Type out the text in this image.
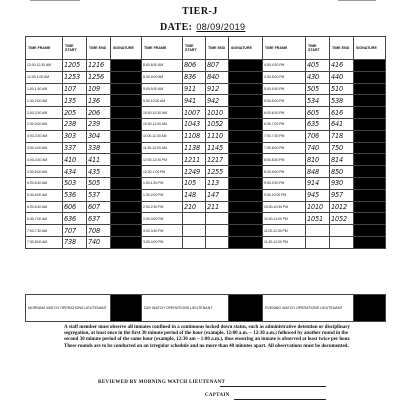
TIER-J
DATE: 08/09/2019
TIME FRAME	TIME START	TIME END	SIGNATURE	TIME FRAME	TIME START	TIME END	SIGNATURE	TIME FRAME	TIME START	TIME END	SIGNATURE
12:00-12:30 AM	1205	1216		8:00-8:30 AM	806	807		4:00-4:30 PM	405	416	

12:30-1:00 AM	1253	1256		8:30-9:00 AM	836	840		4:30-5:00 PM	430	440	

1:00-1:30 AM	107	109		9:00-9:30 AM	911	912		5:00-5:30 PM	505	510	

1:30-2:00 AM	135	136		9:30-10:00 AM	941	942		5:30-6:00 PM	534	538	

2:00-2:30 AM	205	206		10:00-10:30 AM	1007	1010		6:00-6:30 PM	605	616	

2:30-3:00 AM	238	239		10:30-11:00 AM	1043	1052		6:30-7:00 PM	635	641	

3:00-3:30 AM	303	304		11:00-11:30 AM	1108	1110		7:00-7:30 PM	706	718	

3:30-4:00 AM	337	338		11:30-12:00 AM	1138	1145		7:30-8:00 PM	740	750	

4:00-4:30 AM	410	411		12:00-12:30 PM	1211	1217		8:00-8:30 PM	810	814	

4:30-5:00 AM	434	435		12:30-1:00 PM	1249	1255		8:30-9:00 PM	848	850	

5:00-5:30 AM	503	505		1:00-1:30 PM	105	113		9:00-9:30 PM	914	930	

5:30-6:00 AM	536	537		1:30-2:00 PM	148	147		9:30-10:00 PM	945	957	

6:00-6:30 AM	606	607		2:00-2:30 PM	210	211		10:00-10:30 PM	1010	1012	

6:30-7:00 AM	636	637		2:30-3:00 PM				10:30-11:00 PM	1051	1052	

7:00-7:30 AM	707	708		3:00-3:30 PM				11:00-11:30 PM			

7:30-8:00 AM	738	740		3:30-4:00 PM				11:30-12:00 PM			
MORNING WATCH OPERATIONS LIEUTENANT		DAY WATCH OPERATIONS LIEUTENANT		EVENING WATCH OPERATIONS LIEUTENANT	
A staff member must observe all inmates confined in a continuous locked down status, such as administrative detention or disciplinary segregation, at least once in the first 30 minute period of the hour (example, 12:00 a.m. – 12:30 a.m.) followed by another round in the second 30 minute period of the same hour (example, 12:30 am – 1:00 a.m.), thus ensuring an inmate is observed at least twice per hour. These rounds are to be conducted on an irregular schedule and no more than 40 minutes apart. All observations must be documented.
REVIEWED BY MORNING WATCH LIEUTENANT
CAPTAIN
